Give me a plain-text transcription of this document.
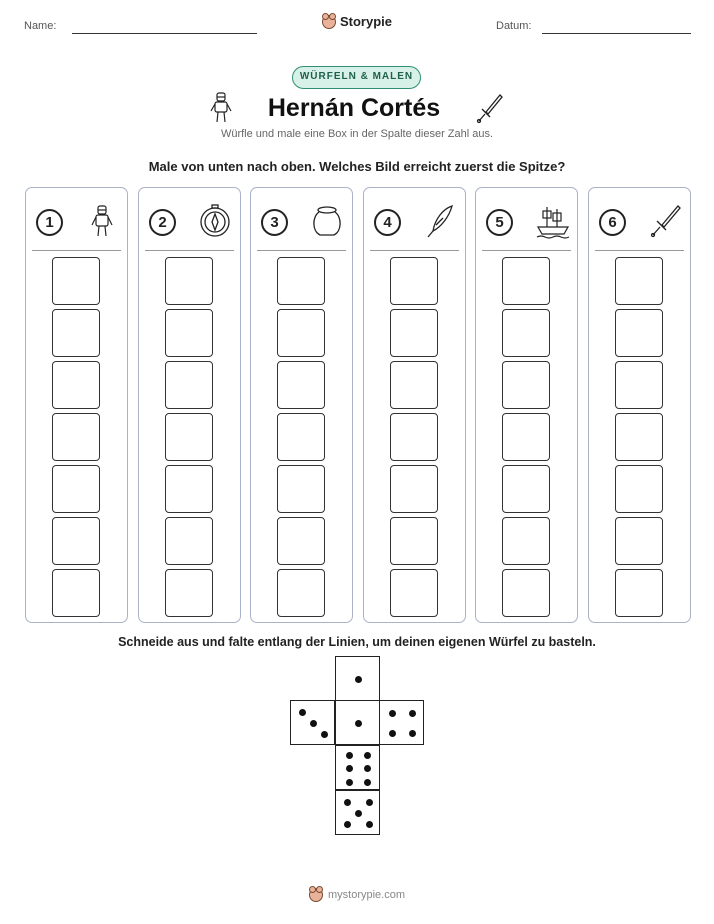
Name:	Storypie	Datum:
WÜRFELN & MALEN
Hernán Cortés
Würfle und male eine Box in der Spalte dieser Zahl aus.
Male von unten nach oben. Welches Bild erreicht zuerst die Spitze?
1	2	3	4	5	6
Schneide aus und falte entlang der Linien, um deinen eigenen Würfel zu basteln.
mystorypie.com
